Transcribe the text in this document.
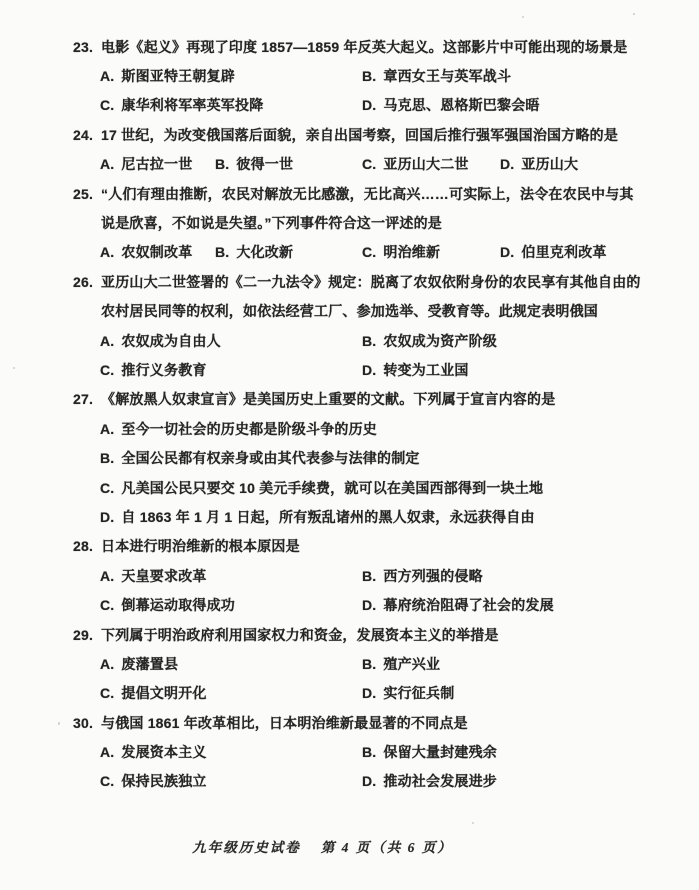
23. 电影《起义》再现了印度 1857—1859 年反英大起义。这部影片中可能出现的场景是
A. 斯图亚特王朝复辟	B. 章西女王与英军战斗
C. 康华利将军率英军投降	D. 马克思、恩格斯巴黎会晤
24. 17 世纪，为改变俄国落后面貌，亲自出国考察，回国后推行强军强国治国方略的是
A. 尼古拉一世 B. 彼得一世	C. 亚历山大二世 D. 亚历山大
25. “人们有理由推断，农民对解放无比感激，无比高兴……可实际上，法令在农民中与其
说是欣喜，不如说是失望。”下列事件符合这一评述的是
A. 农奴制改革 B. 大化改新	C. 明治维新	D. 伯里克利改革
26. 亚历山大二世签署的《二一九法令》规定：脱离了农奴依附身份的农民享有其他自由的
农村居民同等的权利，如依法经营工厂、参加选举、受教育等。此规定表明俄国
A. 农奴成为自由人	B. 农奴成为资产阶级
C. 推行义务教育	D. 转变为工业国
27. 《解放黑人奴隶宣言》是美国历史上重要的文献。下列属于宣言内容的是
A. 至今一切社会的历史都是阶级斗争的历史
B. 全国公民都有权亲身或由其代表参与法律的制定
C. 凡美国公民只要交 10 美元手续费，就可以在美国西部得到一块土地
D. 自 1863 年 1 月 1 日起，所有叛乱诸州的黑人奴隶，永远获得自由
28. 日本进行明治维新的根本原因是
A. 天皇要求改革	B. 西方列强的侵略
C. 倒幕运动取得成功	D. 幕府统治阻碍了社会的发展
29. 下列属于明治政府利用国家权力和资金，发展资本主义的举措是
A. 废藩置县	B. 殖产兴业
C. 提倡文明开化	D. 实行征兵制
30. 与俄国 1861 年改革相比，日本明治维新最显著的不同点是
A. 发展资本主义	B. 保留大量封建残余
C. 保持民族独立	D. 推动社会发展进步
九年级历史试卷 第 4 页（共 6 页）
